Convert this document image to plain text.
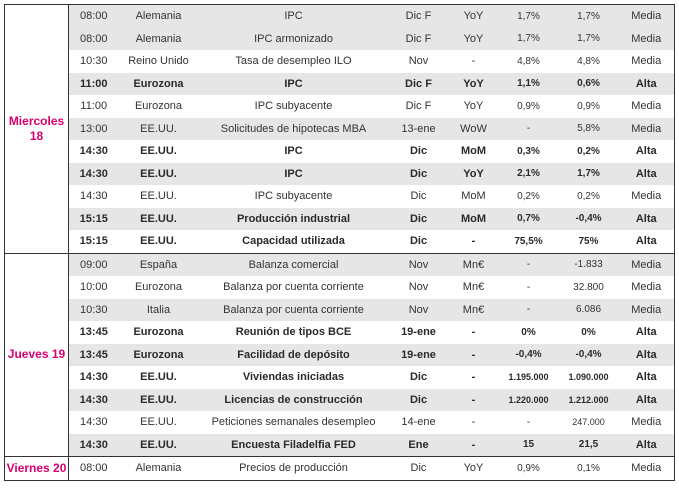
Miercoles 18	08:00	Alemania	IPC	Dic F	YoY	1,7%	1,7%	Media
	08:00	Alemania	IPC armonizado	Dic F	YoY	1,7%	1,7%	Media
	10:30	Reino Unido	Tasa de desempleo ILO	Nov	-	4,8%	4,8%	Media
	11:00	Eurozona	IPC	Dic F	YoY	1,1%	0,6%	Alta
	11:00	Eurozona	IPC subyacente	Dic F	YoY	0,9%	0,9%	Media
	13:00	EE.UU.	Solicitudes de hipotecas MBA	13-ene	WoW	-	5,8%	Media
	14:30	EE.UU.	IPC	Dic	MoM	0,3%	0,2%	Alta
	14:30	EE.UU.	IPC	Dic	YoY	2,1%	1,7%	Alta
	14:30	EE.UU.	IPC subyacente	Dic	MoM	0,2%	0,2%	Media
	15:15	EE.UU.	Producción industrial	Dic	MoM	0,7%	-0,4%	Alta
	15:15	EE.UU.	Capacidad utilizada	Dic	-	75,5%	75%	Alta
Jueves 19	09:00	España	Balanza comercial	Nov	Mn€	-	-1.833	Media
	10:00	Eurozona	Balanza por cuenta corriente	Nov	Mn€	-	32.800	Media
	10:30	Italia	Balanza por cuenta corriente	Nov	Mn€	-	6.086	Media
	13:45	Eurozona	Reunión de tipos BCE	19-ene	-	0%	0%	Alta
	13:45	Eurozona	Facilidad de depósito	19-ene	-	-0,4%	-0,4%	Alta
	14:30	EE.UU.	Viviendas iniciadas	Dic	-	1.195.000	1.090.000	Alta
	14:30	EE.UU.	Licencias de construcción	Dic	-	1.220.000	1.212.000	Alta
	14:30	EE.UU.	Peticiones semanales desempleo	14-ene	-	-	247.000	Media
	14:30	EE.UU.	Encuesta Filadelfia FED	Ene	-	15	21,5	Alta
Viernes 20	08:00	Alemania	Precios de producción	Dic	YoY	0,9%	0,1%	Media
